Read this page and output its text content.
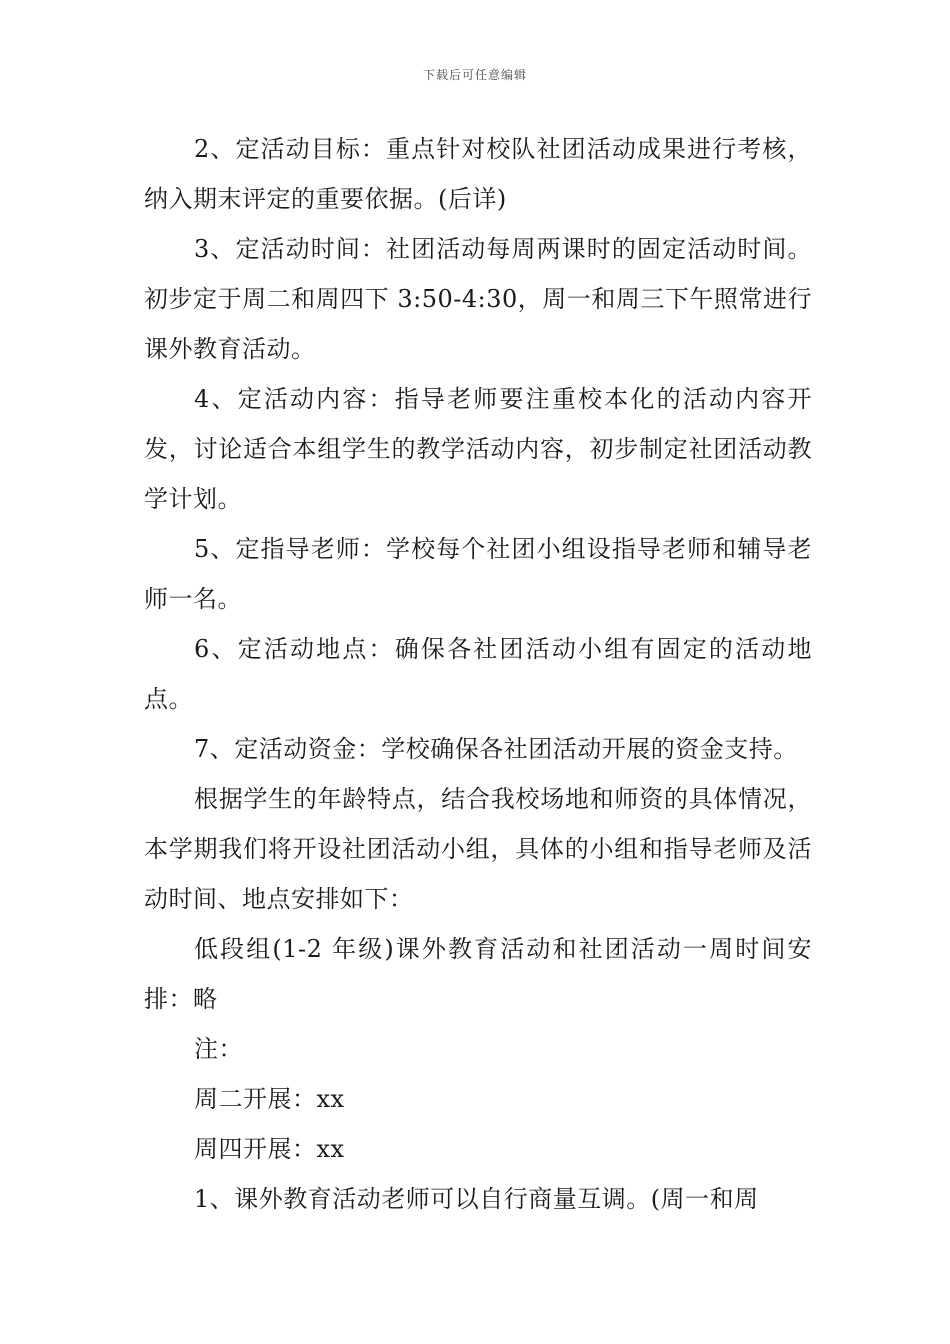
下载后可任意编辑

2、定活动目标：重点针对校队社团活动成果进行考核，纳入期末评定的重要依据。(后详)

3、定活动时间：社团活动每周两课时的固定活动时间。初步定于周二和周四下 3:50-4:30，周一和周三下午照常进行课外教育活动。

4、定活动内容：指导老师要注重校本化的活动内容开发，讨论适合本组学生的教学活动内容，初步制定社团活动教学计划。

5、定指导老师：学校每个社团小组设指导老师和辅导老师一名。

6、定活动地点：确保各社团活动小组有固定的活动地点。

7、定活动资金：学校确保各社团活动开展的资金支持。

根据学生的年龄特点，结合我校场地和师资的具体情况，本学期我们将开设社团活动小组，具体的小组和指导老师及活动时间、地点安排如下：

低段组(1-2 年级)课外教育活动和社团活动一周时间安排：略

注：

周二开展：xx

周四开展：xx

1、课外教育活动老师可以自行商量互调。(周一和周
